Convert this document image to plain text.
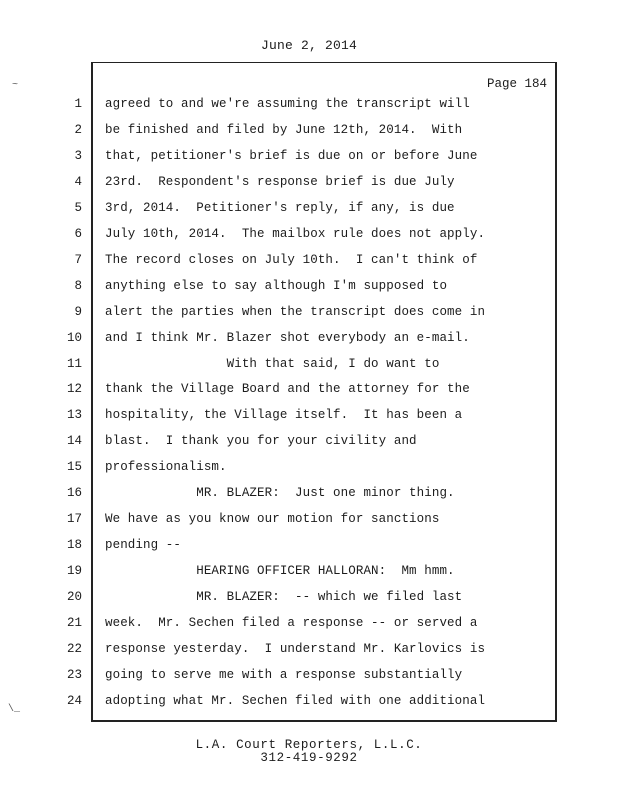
June 2, 2014
Page 184
1 agreed to and we're assuming the transcript will
2 be finished and filed by June 12th, 2014.  With
3 that, petitioner's brief is due on or before June
4 23rd.  Respondent's response brief is due July
5 3rd, 2014.  Petitioner's reply, if any, is due
6 July 10th, 2014.  The mailbox rule does not apply.
7 The record closes on July 10th.  I can't think of
8 anything else to say although I'm supposed to
9 alert the parties when the transcript does come in
10 and I think Mr. Blazer shot everybody an e-mail.
11 With that said, I do want to
12 thank the Village Board and the attorney for the
13 hospitality, the Village itself.  It has been a
14 blast.  I thank you for your civility and
15 professionalism.
16 MR. BLAZER:  Just one minor thing.
17 We have as you know our motion for sanctions
18 pending --
19 HEARING OFFICER HALLORAN:  Mm hmm.
20 MR. BLAZER:  -- which we filed last
21 week.  Mr. Sechen filed a response -- or served a
22 response yesterday.  I understand Mr. Karlovics is
23 going to serve me with a response substantially
24 adopting what Mr. Sechen filed with one additional
L.A. Court Reporters, L.L.C.
312-419-9292
~
\_
